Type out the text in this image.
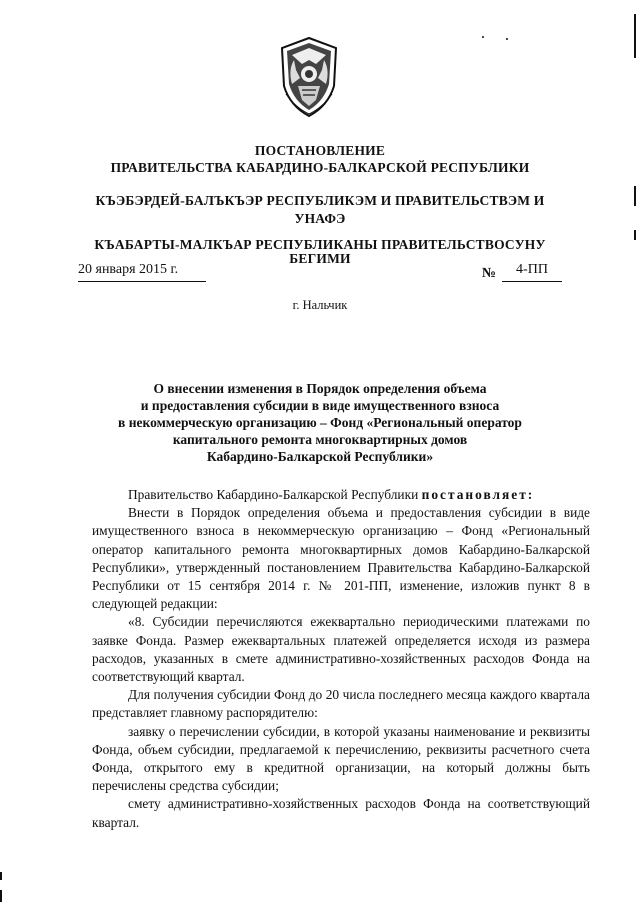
ПОСТАНОВЛЕНИЕ
ПРАВИТЕЛЬСТВА КАБАРДИНО-БАЛКАРСКОЙ РЕСПУБЛИКИ
КЪЭБЭРДЕЙ-БАЛЪКЪЭР РЕСПУБЛИКЭМ И ПРАВИТЕЛЬСТВЭМ И
УНАФЭ
КЪАБАРТЫ-МАЛКЪАР РЕСПУБЛИКАНЫ ПРАВИТЕЛЬСТВОСУНУ
БЕГИМИ
20 января 2015 г.	№	4-ПП
г. Нальчик
О внесении изменения в Порядок определения объема
и предоставления субсидии в виде имущественного взноса
в некоммерческую организацию – Фонд «Региональный оператор
капитального ремонта многоквартирных домов
Кабардино-Балкарской Республики»

Правительство Кабардино-Балкарской Республики постановляет:

Внести в Порядок определения объема и предоставления субсидии в виде имущественного взноса в некоммерческую организацию – Фонд «Региональный оператор капитального ремонта многоквартирных домов Кабардино-Балкарской Республики», утвержденный постановлением Правительства Кабардино-Балкарской Республики от 15 сентября 2014 г. № 201-ПП, изменение, изложив пункт 8 в следующей редакции:

«8. Субсидии перечисляются ежеквартально периодическими платежами по заявке Фонда. Размер ежеквартальных платежей определяется исходя из размера расходов, указанных в смете административно-хозяйственных расходов Фонда на соответствующий квартал.

Для получения субсидии Фонд до 20 числа последнего месяца каждого квартала представляет главному распорядителю:

заявку о перечислении субсидии, в которой указаны наименование и реквизиты Фонда, объем субсидии, предлагаемой к перечислению, реквизиты расчетного счета Фонда, открытого ему в кредитной организации, на который должны быть перечислены средства субсидии;

смету административно-хозяйственных расходов Фонда на соответствующий квартал.
